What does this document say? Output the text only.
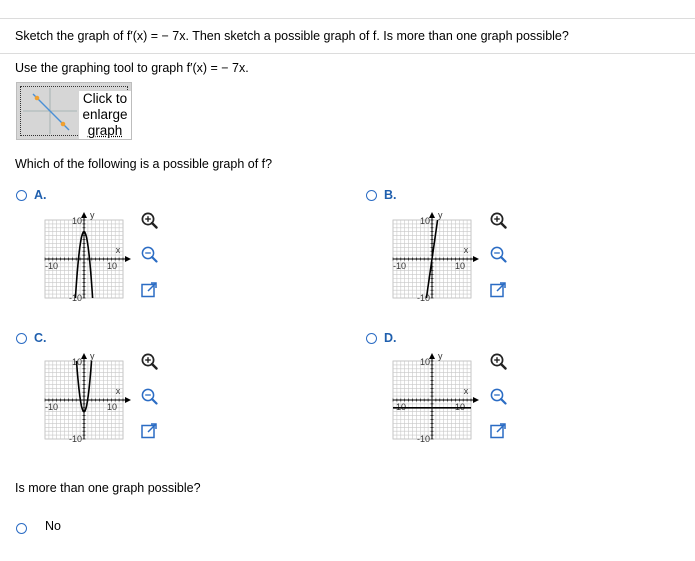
Sketch the graph of f′(x) = − 7x. Then sketch a possible graph of f. Is more than one graph possible?
Use the graphing tool to graph f′(x) = − 7x.
Click to
enlarge
graph
Which of the following is a possible graph of f?
A.
10
-10
-10	10
x
y
B.
10
-10
-10	10
x
y
C.
10
-10
-10	10
x
y
D.
10
-10
-10	10
x
y
Is more than one graph possible?
No
